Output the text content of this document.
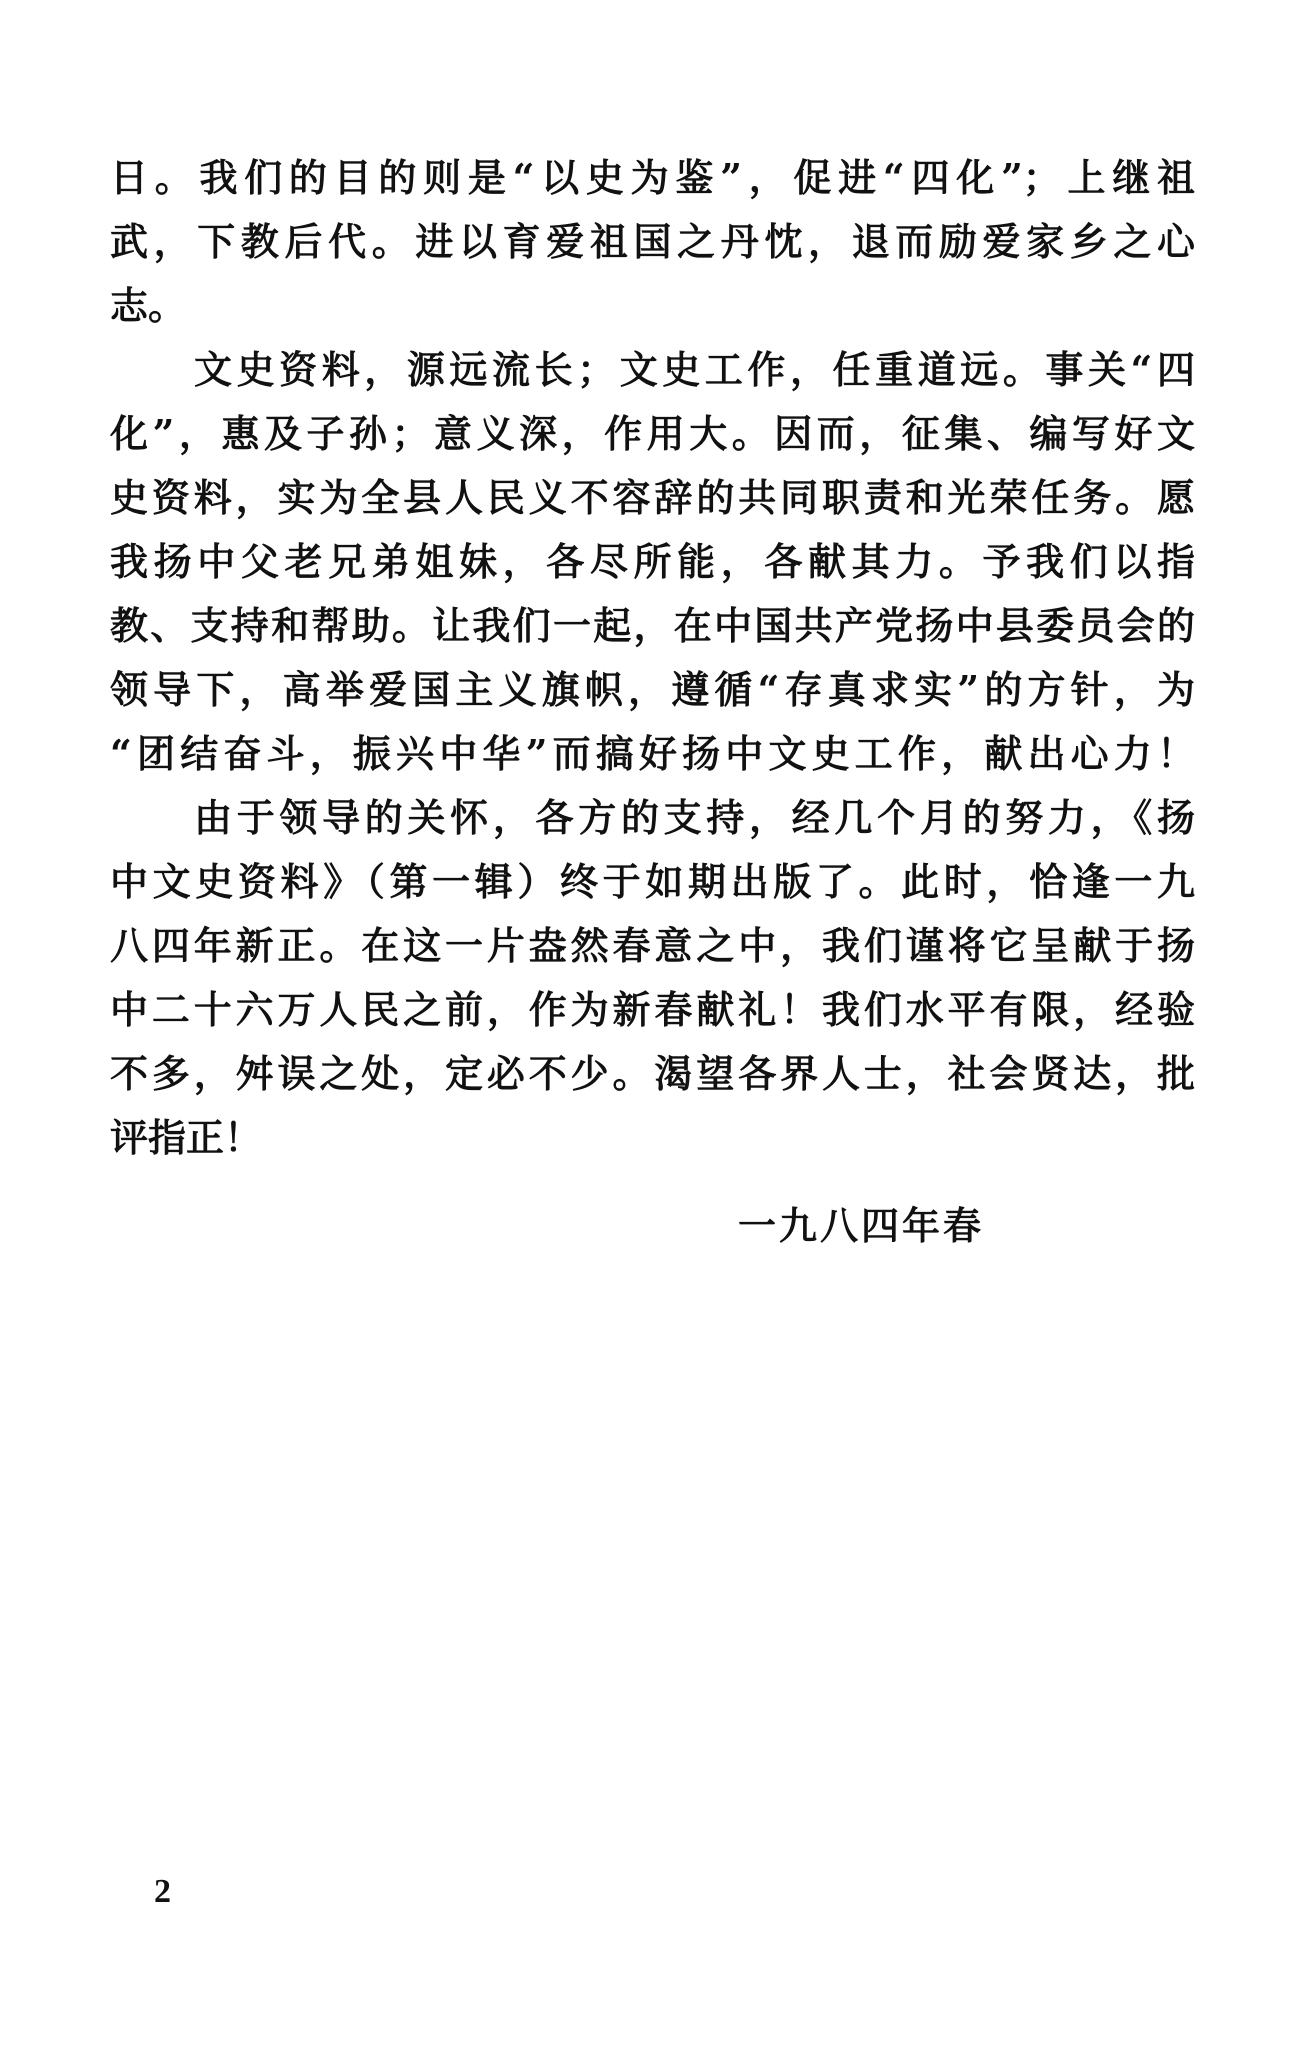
日。我们的目的则是“以史为鉴”，促进“四化”；上继祖
武，下教后代。进以育爱祖国之丹忱，退而励爱家乡之心
志。
文史资料，源远流长；文史工作，任重道远。事关“四
化”，惠及子孙；意义深，作用大。因而，征集、编写好文
史资料，实为全县人民义不容辞的共同职责和光荣任务。愿
我扬中父老兄弟姐妹，各尽所能，各献其力。予我们以指
教、支持和帮助。让我们一起，在中国共产党扬中县委员会的
领导下，高举爱国主义旗帜，遵循“存真求实”的方针，为
“团结奋斗，振兴中华”而搞好扬中文史工作，献出心力！
由于领导的关怀，各方的支持，经几个月的努力，《扬
中文史资料》（第一辑）终于如期出版了。此时，恰逢一九
八四年新正。在这一片盎然春意之中，我们谨将它呈献于扬
中二十六万人民之前，作为新春献礼！我们水平有限，经验
不多，舛误之处，定必不少。渴望各界人士，社会贤达，批
评指正！
一九八四年春
2
